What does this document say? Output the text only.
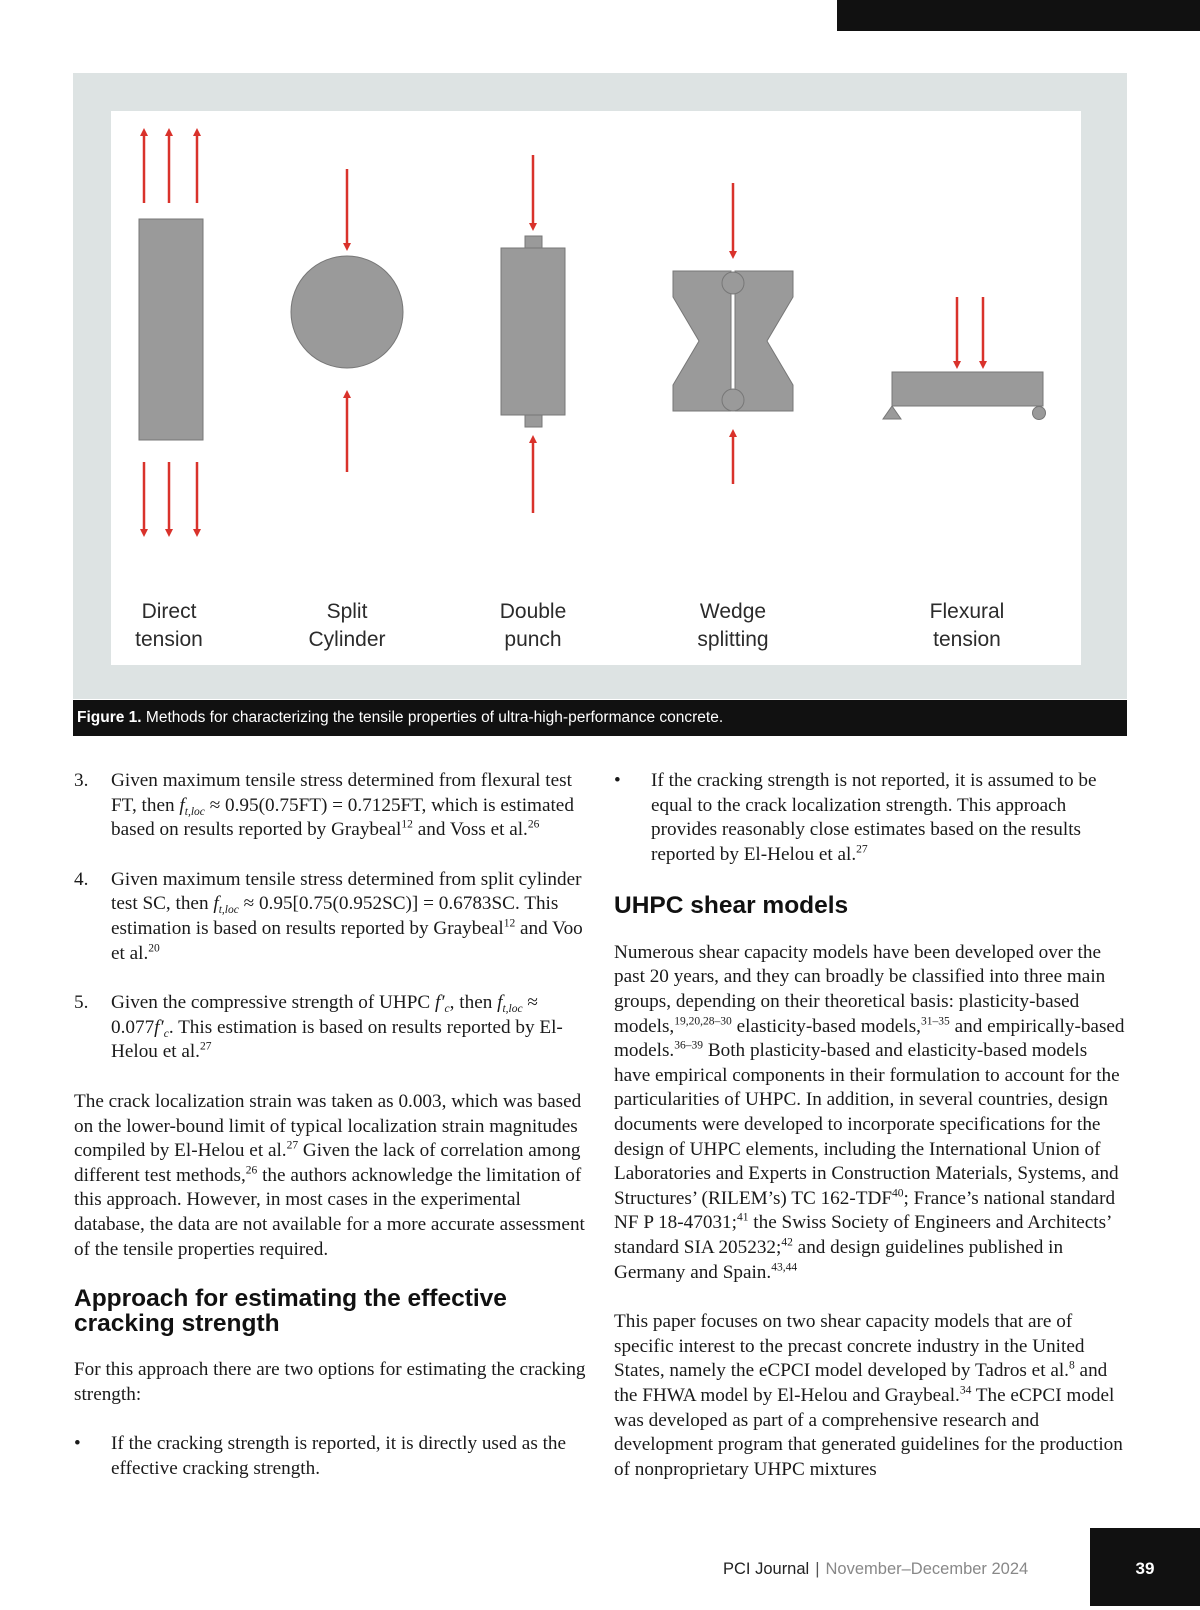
Direct
tension
Split
Cylinder
Double
punch
Wedge
splitting
Flexural
tension
Figure 1. Methods for characterizing the tensile properties of ultra-high-performance concrete.

3. Given maximum tensile stress determined from flexural test FT, then $f_{t,loc} \approx 0.95(0.75FT) = 0.7125FT$, which is estimated based on results reported by Graybeal$^{12}$ and Voss et al.$^{26}$

4. Given maximum tensile stress determined from split cylinder test SC, then $f_{t,loc} \approx 0.95[0.75(0.952SC)] = 0.6783SC$. This estimation is based on results reported by Graybeal$^{12}$ and Voo et al.$^{20}$

5. Given the compressive strength of UHPC $f'_c$, then $f_{t,loc} \approx 0.077f'_c$. This estimation is based on results reported by El-Helou et al.$^{27}$

The crack localization strain was taken as 0.003, which was based on the lower-bound limit of typical localization strain magnitudes compiled by El-Helou et al.$^{27}$ Given the lack of correlation among different test methods,$^{26}$ the authors acknowledge the limitation of this approach. However, in most cases in the experimental database, the data are not available for a more accurate assessment of the tensile properties required.

Approach for estimating the effective cracking strength

For this approach there are two options for estimating the cracking strength:

• If the cracking strength is reported, it is directly used as the effective cracking strength.

• If the cracking strength is not reported, it is assumed to be equal to the crack localization strength. This approach provides reasonably close estimates based on the results reported by El-Helou et al.$^{27}$

UHPC shear models

Numerous shear capacity models have been developed over the past 20 years, and they can broadly be classified into three main groups, depending on their theoretical basis: plasticity-based models,$^{19,20,28-30}$ elasticity-based models,$^{31-35}$ and empirically-based models.$^{36-39}$ Both plasticity-based and elasticity-based models have empirical components in their formulation to account for the particularities of UHPC. In addition, in several countries, design documents were developed to incorporate specifications for the design of UHPC elements, including the International Union of Laboratories and Experts in Construction Materials, Systems, and Structures’ (RILEM’s) TC 162-TDF$^{40}$; France’s national standard NF P 18-47031;$^{41}$ the Swiss Society of Engineers and Architects’ standard SIA 205232;$^{42}$ and design guidelines published in Germany and Spain.$^{43,44}$

This paper focuses on two shear capacity models that are of specific interest to the precast concrete industry in the United States, namely the eCPCI model developed by Tadros et al.$^8$ and the FHWA model by El-Helou and Graybeal.$^{34}$ The eCPCI model was developed as part of a comprehensive research and development program that generated guidelines for the production of nonproprietary UHPC mixtures

PCI Journal | November–December 2024	39
